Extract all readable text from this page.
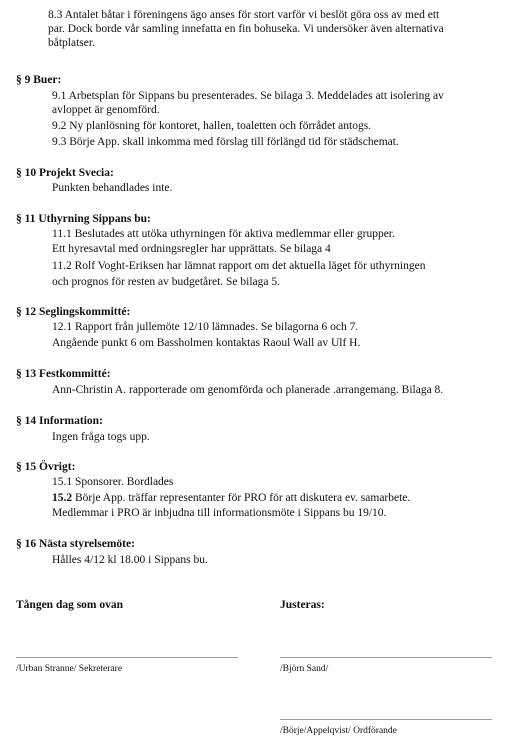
8.3 Antalet båtar i föreningens ägo anses för stort varför vi beslöt göra oss av med ett
par. Dock borde vår samling innefatta en fin bohuseka. Vi undersöker även alternativa
båtplatser.
§ 9 Buer:
9.1 Arbetsplan för Sippans bu presenterades. Se bilaga 3. Meddelades att isolering av
avloppet är genomförd.
9.2 Ny planlösning för kontoret, hallen, toaletten och förrådet antogs.
9.3 Börje App. skall inkomma med förslag till förlängd tid för städschemat.
§ 10 Projekt Svecia:
Punkten behandlades inte.
§ 11 Uthyrning Sippans bu:
11.1 Beslutades att utöka uthyrningen för aktiva medlemmar eller grupper.
Ett hyresavtal med ordningsregler har upprättats. Se bilaga 4
11.2 Rolf Voght-Eriksen har lämnat rapport om det aktuella läget för uthyrningen
och prognos för resten av budgetåret. Se bilaga 5.
§ 12 Seglingskommitté:
12.1 Rapport från jullemöte 12/10 lämnades. Se bilagorna 6 och 7.
Angående punkt 6 om Bassholmen kontaktas Raoul Wall av Ulf H.
§ 13 Festkommitté:
Ann-Christin A. rapporterade om genomförda och planerade .arrangemang. Bilaga 8.
§ 14 Information:
Ingen fråga togs upp.
§ 15 Övrigt:
15.1 Sponsorer. Bordlades
15.2 Börje App. träffar representanter för PRO för att diskutera ev. samarbete.
Medlemmar i PRO är inbjudna till informationsmöte i Sippans bu 19/10.
§ 16 Nästa styrelsemöte:
Hålles 4/12 kl 18.00 i Sippans bu.
Tången dag som ovan	Justeras:
/Urban Stranne/ Sekreterare	/Björn Sand/
/Börje/Appelqvist/ Ordförande
